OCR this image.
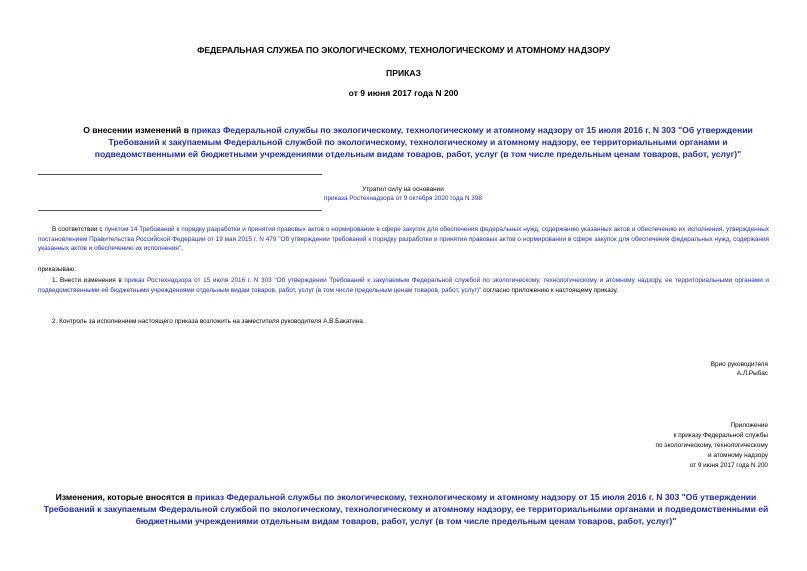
ФЕДЕРАЛЬНАЯ СЛУЖБА ПО ЭКОЛОГИЧЕСКОМУ, ТЕХНОЛОГИЧЕСКОМУ И АТОМНОМУ НАДЗОРУ
ПРИКАЗ
от 9 июня 2017 года N 200
О внесении изменений в приказ Федеральной службы по экологическому, технологическому и атомному надзору от 15 июля 2016 г. N 303 "Об утверждении Требований к закупаемым Федеральной службой по экологическому, технологическому и атомному надзору, ее территориальными органами и подведомственными ей бюджетными учреждениями отдельным видам товаров, работ, услуг (в том числе предельным ценам товаров, работ, услуг)"
Утратил силу на основании
приказа Ростехнадзора от 9 октября 2020 года N 398
В соответствии с пунктом 14 Требований к порядку разработки и принятия правовых актов о нормировании в сфере закупок для обеспечения федеральных нужд, содержанию указанных актов и обеспечению их исполнения, утвержденных постановлением Правительства Российской Федерации от 19 мая 2015 г. N 479 "Об утверждении требований к порядку разработки и принятия правовых актов о нормировании в сфере закупок для обеспечения федеральных нужд, содержания указанных актов и обеспечению их исполнения",
приказываю:
1. Внести изменения в приказ Ростехнадзора от 15 июля 2016 г. N 303 "Об утверждении Требований к закупаемым Федеральной службой по экологическому, технологическому и атомному надзору, ее территориальными органами и подведомственными ей бюджетными учреждениями отдельным видам товаров, работ, услуг (в том числе предельным ценам товаров, работ, услуг)" согласно приложению к настоящему приказу.
2. Контроль за исполнением настоящего приказа возложить на заместителя руководителя А.В.Бакатина.
Врио руководителя
А.Л.Рыбас
Приложение
к приказу Федеральной службы
по экологическому, технологическому
и атомному надзору
от 9 июня 2017 года N 200
Изменения, которые вносятся в приказ Федеральной службы по экологическому, технологическому и атомному надзору от 15 июля 2016 г. N 303 "Об утверждении Требований к закупаемым Федеральной службой по экологическому, технологическому и атомному надзору, ее территориальными органами и подведомственными ей бюджетными учреждениями отдельным видам товаров, работ, услуг (в том числе предельным ценам товаров, работ, услуг)"
